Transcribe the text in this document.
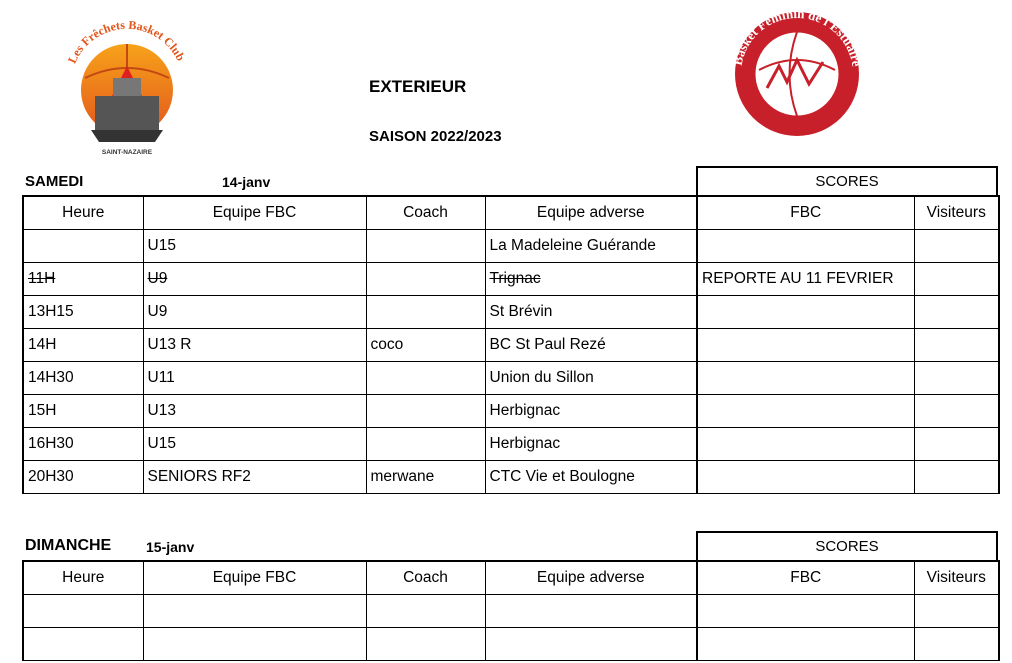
Les Frêchets Basket Club
SAINT-NAZAIRE
Basket Féminin de l'Estuaire
EXTERIEUR
SAISON 2022/2023
SAMEDI	14-janv	SCORES
Heure	Equipe FBC	Coach	Equipe adverse	FBC	Visiteurs
	U15		La Madeleine Guérande		
11H	U9		Trignac	REPORTE AU 11 FEVRIER	
13H15	U9		St Brévin		
14H	U13 R	coco	BC St Paul Rezé		
14H30	U11		Union du Sillon		
15H	U13		Herbignac		
16H30	U15		Herbignac		
20H30	SENIORS RF2	merwane	CTC Vie et Boulogne		
DIMANCHE 15-janv	SCORES
Heure	Equipe FBC	Coach	Equipe adverse	FBC	Visiteurs
